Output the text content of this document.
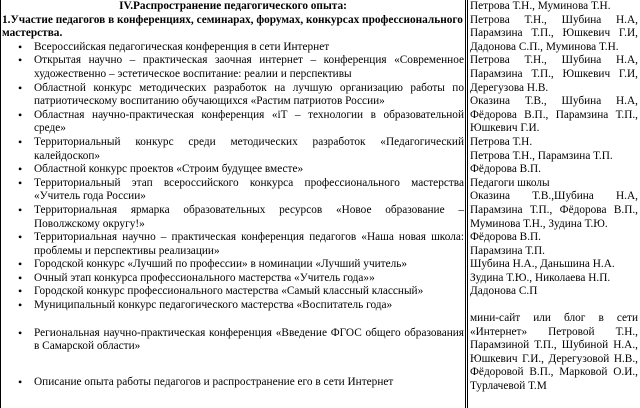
IV.Распространение педагогического опыта:
1.Участие педагогов в конференциях, семинарах, форумах, конкурсах профессионального мастерства.
• Всероссийская педагогическая конференция в сети Интернет
• Открытая научно – практическая заочная интернет – конференция «Современное художественно – эстетическое воспитание: реалии и перспективы
• Областной конкурс методических разработок на лучшую организацию работы по патриотическому воспитанию обучающихся «Растим патриотов России»
• Областная научно-практическая конференция «iT – технологии в образовательной среде»
• Территориальный конкурс среди методических разработок «Педагогический калейдоскоп»
• Областной конкурс проектов «Строим будущее вместе»
• Территориальный этап всероссийского конкурса профессионального мастерства «Учитель года России»
• Территориальная ярмарка образовательных ресурсов «Новое образование – Поволжскому округу!»
• Территориальная научно – практическая конференция педагогов «Наша новая школа: проблемы и перспективы реализации»
• Городской конкурс «Лучший по профессии» в номинации «Лучший учитель»
• Очный этап конкурса профессионального мастерства «Учитель года»»
• Городской конкурс профессионального мастерства «Самый классный классный»
• Муниципальный конкурс педагогического мастерства «Воспитатель года»
• Региональная научно-практическая конференция «Введение ФГОС общего образования в Самарской области»
• Описание опыта работы педагогов и распространение его в сети Интернет

Петрова Т.Н., Муминова Т.Н.

Петрова Т.Н., Шубина Н.А, Парамзина Т.П., Юшкевич Г.И, Дадонова С.П., Муминова Т.Н.

Петрова Т.Н., Шубина Н.А, Парамзина Т.П., Юшкевич Г.И, Дерегузова Н.В.

Оказина Т.В., Шубина Н.А, Фёдорова В.П., Парамзина Т.П., Юшкевич Г.И.

Петрова Т.Н.

Петрова Т.Н., Парамзина Т.П.

Фёдорова В.П.

Педагоги школы

Оказина Т.В.,Шубина Н.А, Парамзина Т.П., Фёдорова В.П., Муминова Т.Н., Зудина Т.Ю.

Фёдорова В.П.

Парамзина Т.П.

Шубина Н.А., Даньшина Н.А.

Зудина Т.Ю., Николаева Н.П.

Дадонова С.П

мини-сайт или блог в сети «Интернет» Петровой Т.Н., Парамзиной Т.П., Шубиной Н.А., Юшкевич Г.И., Дерегузовой Н.В., Фёдоровой В.П., Марковой О.И., Турлачевой Т.М
